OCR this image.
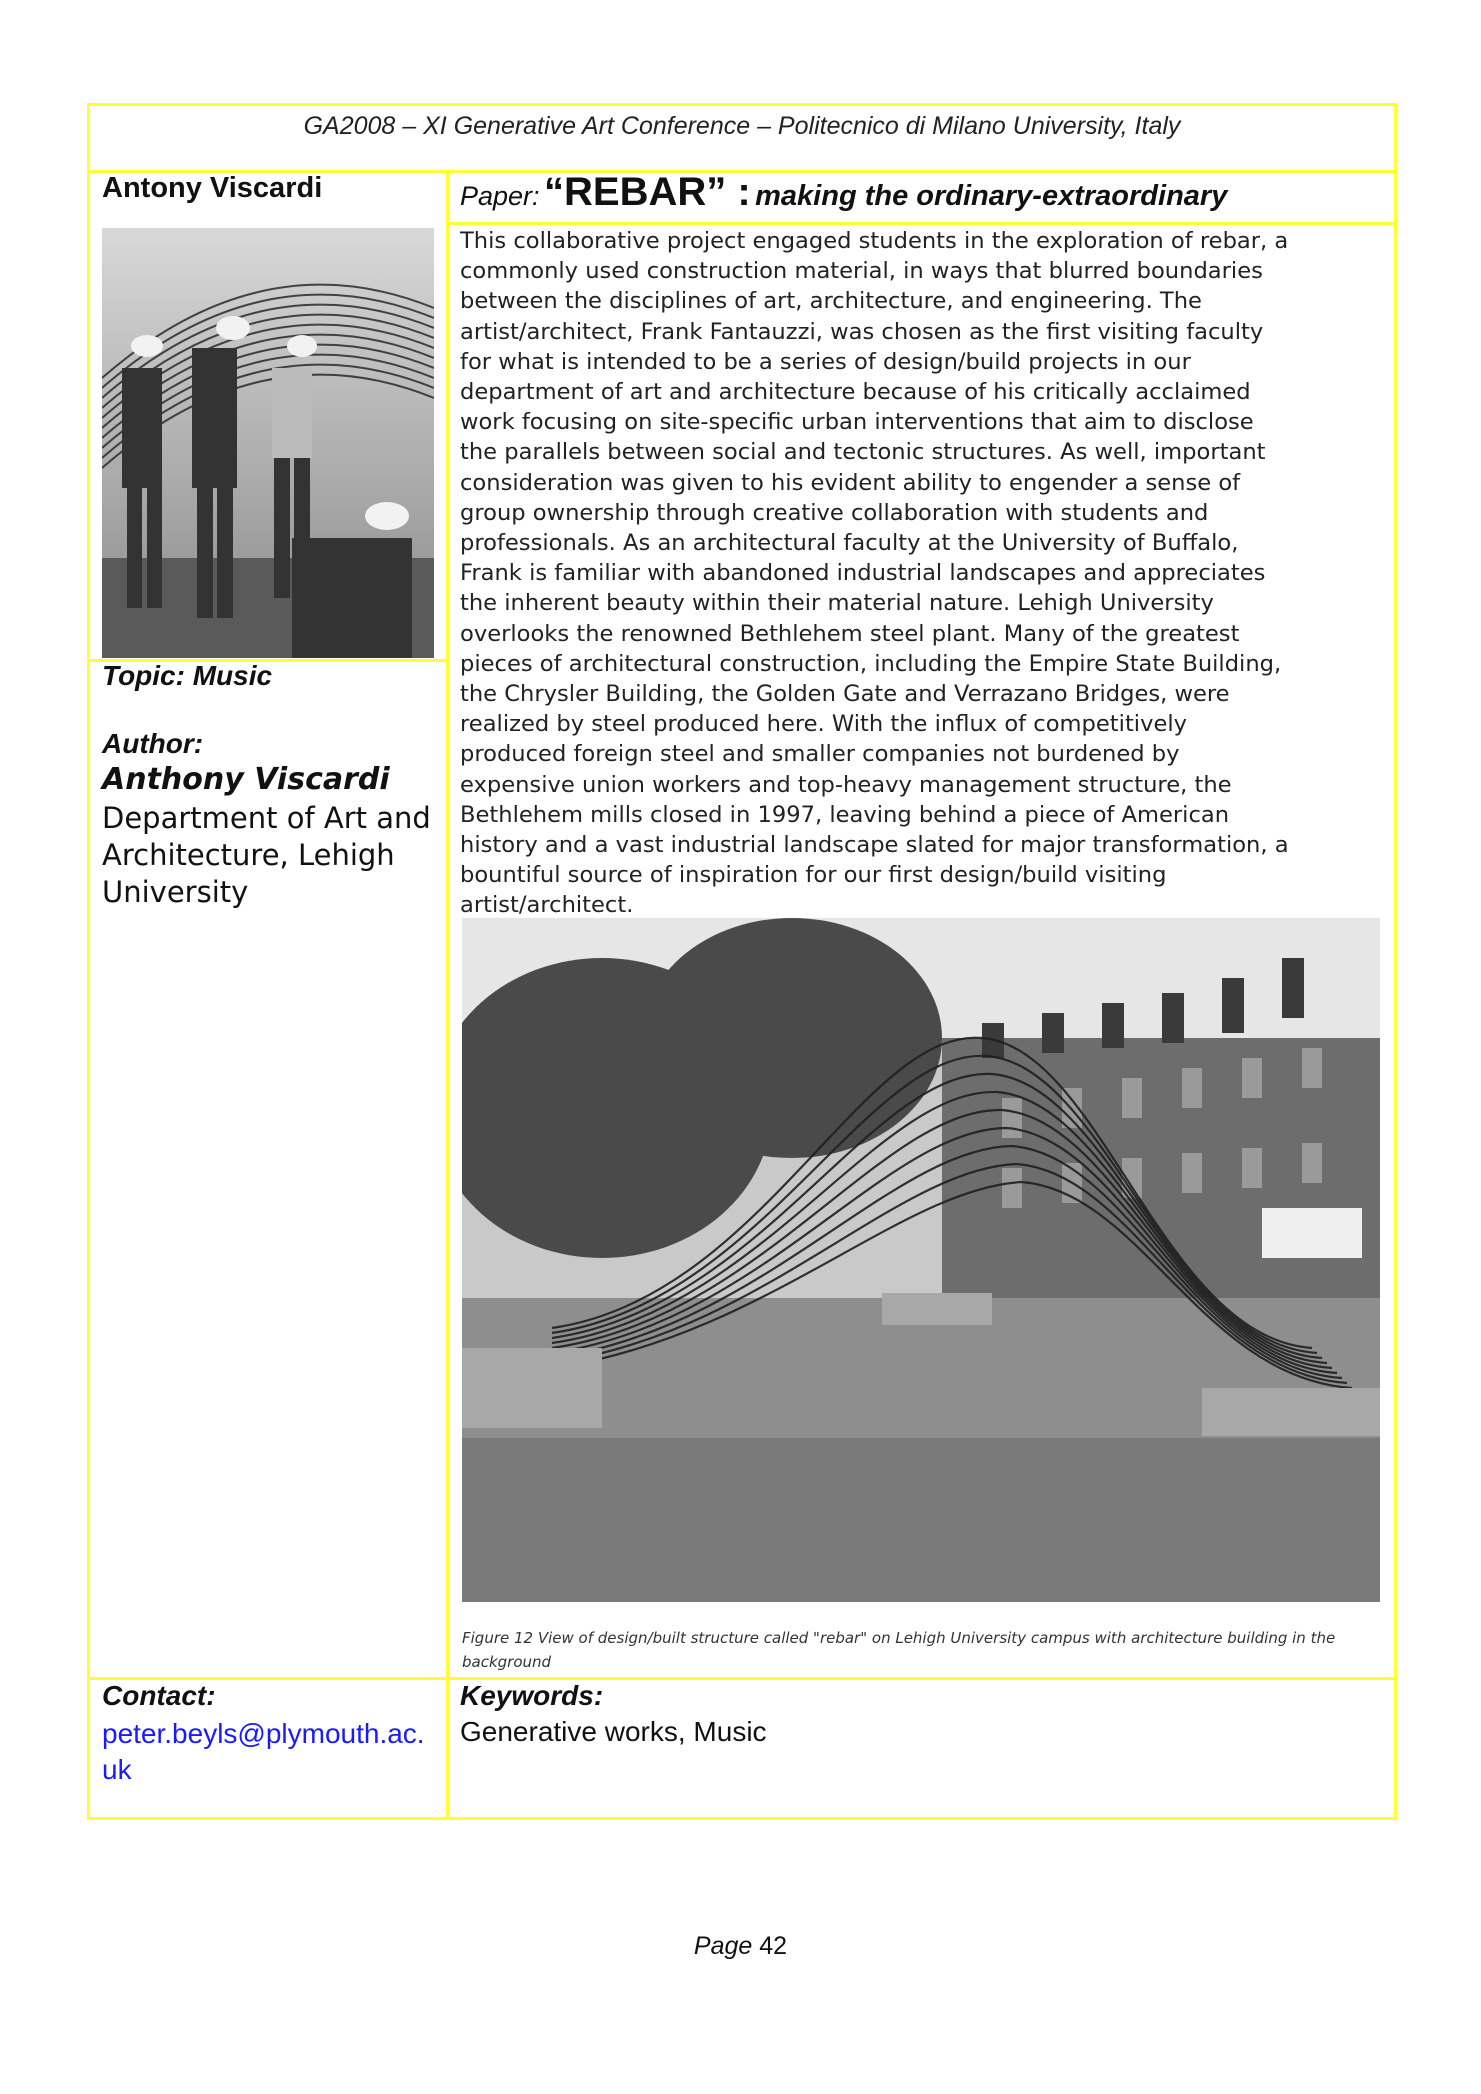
GA2008 – XI Generative Art Conference – Politecnico di Milano University, Italy
Antony Viscardi	Paper: “REBAR” : making the ordinary-extraordinary
This collaborative project engaged students in the exploration of rebar, a
commonly used construction material, in ways that blurred boundaries
between the disciplines of art, architecture, and engineering. The
artist/architect, Frank Fantauzzi, was chosen as the first visiting faculty
for what is intended to be a series of design/build projects in our
department of art and architecture because of his critically acclaimed
work focusing on site-specific urban interventions that aim to disclose
the parallels between social and tectonic structures. As well, important
consideration was given to his evident ability to engender a sense of
group ownership through creative collaboration with students and
professionals. As an architectural faculty at the University of Buffalo,
Frank is familiar with abandoned industrial landscapes and appreciates
the inherent beauty within their material nature. Lehigh University
overlooks the renowned Bethlehem steel plant. Many of the greatest
pieces of architectural construction, including the Empire State Building,
the Chrysler Building, the Golden Gate and Verrazano Bridges, were
realized by steel produced here. With the influx of competitively
produced foreign steel and smaller companies not burdened by
expensive union workers and top-heavy management structure, the
Bethlehem mills closed in 1997, leaving behind a piece of American
history and a vast industrial landscape slated for major transformation, a
bountiful source of inspiration for our first design/build visiting
artist/architect.
Figure 12 View of design/built structure called "rebar" on Lehigh University campus with architecture building in the background
Topic: Music
Author:
Anthony Viscardi
Department of Art and Architecture, Lehigh University
Contact:
peter.beyls@plymouth.ac.uk
Keywords:
Generative works, Music
Page 42
